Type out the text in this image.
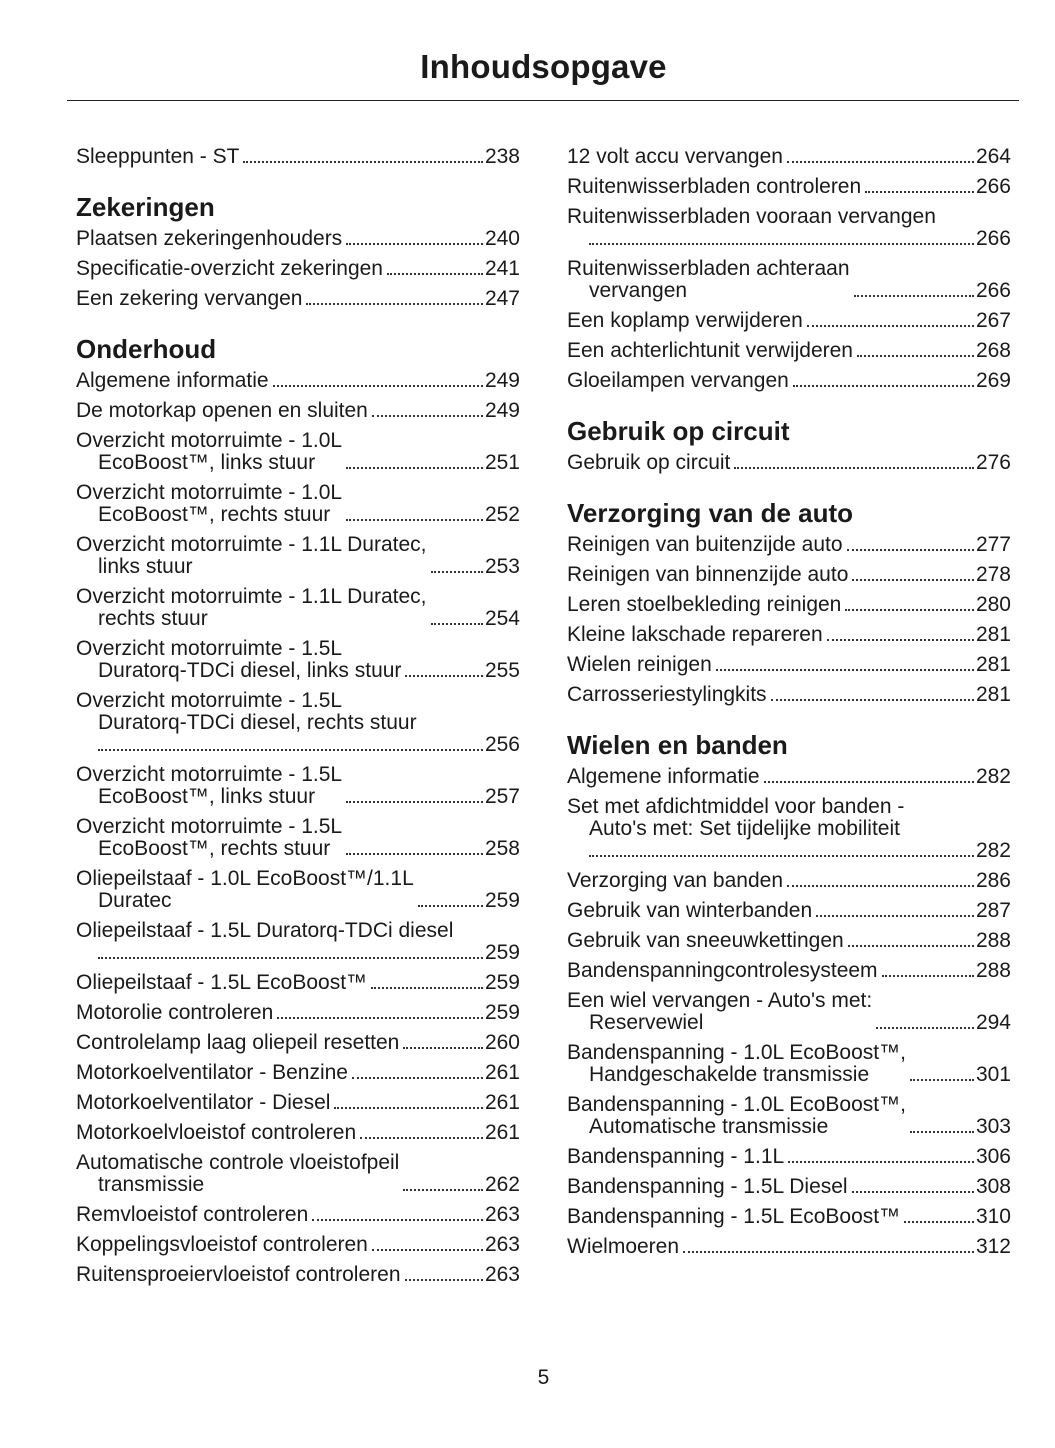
Inhoudsopgave
Sleeppunten - ST	238
Zekeringen
Plaatsen zekeringenhouders	240
Specificatie-overzicht zekeringen	241
Een zekering vervangen	247
Onderhoud
Algemene informatie	249
De motorkap openen en sluiten	249
Overzicht motorruimte - 1.0L
EcoBoost™, links stuur	251
Overzicht motorruimte - 1.0L
EcoBoost™, rechts stuur	252
Overzicht motorruimte - 1.1L Duratec,
links stuur	253
Overzicht motorruimte - 1.1L Duratec,
rechts stuur	254
Overzicht motorruimte - 1.5L
Duratorq-TDCi diesel, links stuur	255
Overzicht motorruimte - 1.5L
Duratorq-TDCi diesel, rechts stuur
256
Overzicht motorruimte - 1.5L
EcoBoost™, links stuur	257
Overzicht motorruimte - 1.5L
EcoBoost™, rechts stuur	258
Oliepeilstaaf - 1.0L EcoBoost™/1.1L
Duratec	259
Oliepeilstaaf - 1.5L Duratorq-TDCi diesel
259
Oliepeilstaaf - 1.5L EcoBoost™	259
Motorolie controleren	259
Controlelamp laag oliepeil resetten	260
Motorkoelventilator - Benzine	261
Motorkoelventilator - Diesel	261
Motorkoelvloeistof controleren	261
Automatische controle vloeistofpeil
transmissie	262
Remvloeistof controleren	263
Koppelingsvloeistof controleren	263
Ruitensproeiervloeistof controleren	263
12 volt accu vervangen	264
Ruitenwisserbladen controleren	266
Ruitenwisserbladen vooraan vervangen
266
Ruitenwisserbladen achteraan
vervangen	266
Een koplamp verwijderen	267
Een achterlichtunit verwijderen	268
Gloeilampen vervangen	269
Gebruik op circuit
Gebruik op circuit	276
Verzorging van de auto
Reinigen van buitenzijde auto	277
Reinigen van binnenzijde auto	278
Leren stoelbekleding reinigen	280
Kleine lakschade repareren	281
Wielen reinigen	281
Carrosseriestylingkits	281
Wielen en banden
Algemene informatie	282
Set met afdichtmiddel voor banden -
Auto's met: Set tijdelijke mobiliteit
282
Verzorging van banden	286
Gebruik van winterbanden	287
Gebruik van sneeuwkettingen	288
Bandenspanningcontrolesysteem	288
Een wiel vervangen - Auto's met:
Reservewiel	294
Bandenspanning - 1.0L EcoBoost™,
Handgeschakelde transmissie	301
Bandenspanning - 1.0L EcoBoost™,
Automatische transmissie	303
Bandenspanning - 1.1L	306
Bandenspanning - 1.5L Diesel	308
Bandenspanning - 1.5L EcoBoost™	310
Wielmoeren	312
5
